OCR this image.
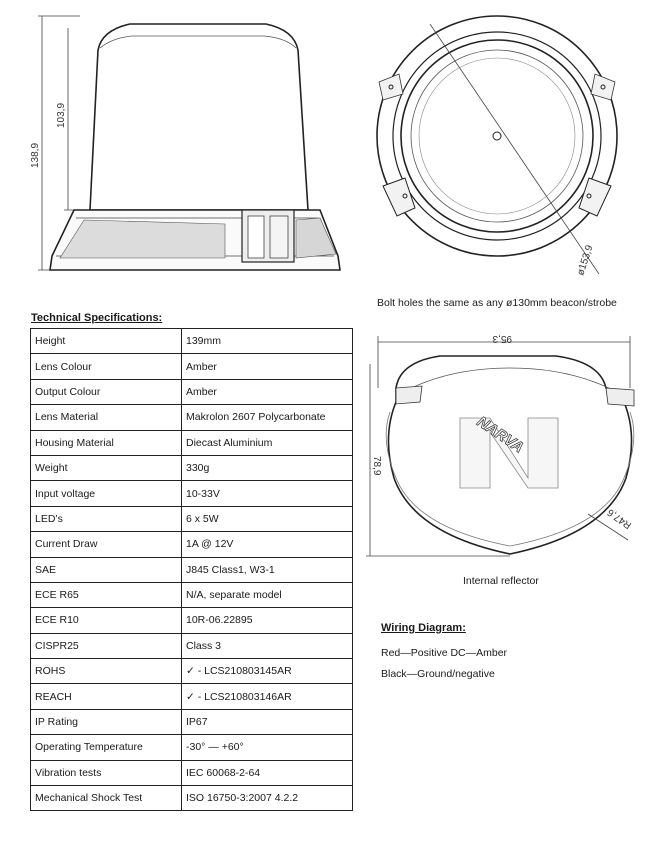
138,9
103,9
ø153,9
Bolt holes the same as any ø130mm beacon/strobe
95,3
78,9
NARVA
R47,6
Internal reflector
Technical Specifications:
Height	139mm
Lens Colour	Amber
Output Colour	Amber
Lens Material	Makrolon 2607 Polycarbonate
Housing Material	Diecast Aluminium
Weight	330g
Input voltage	10-33V
LED’s	6 x 5W
Current Draw	1A @ 12V
SAE	J845 Class1, W3-1
ECE R65	N/A, separate model
ECE R10	10R-06.22895
CISPR25	Class 3
ROHS	✓ - LCS210803145AR
REACH	✓ - LCS210803146AR
IP Rating	IP67
Operating Temperature	-30° — +60°
Vibration tests	IEC 60068-2-64
Mechanical Shock Test	ISO 16750-3:2007 4.2.2
Wiring Diagram:
Red—Positive DC—Amber
Black—Ground/negative
